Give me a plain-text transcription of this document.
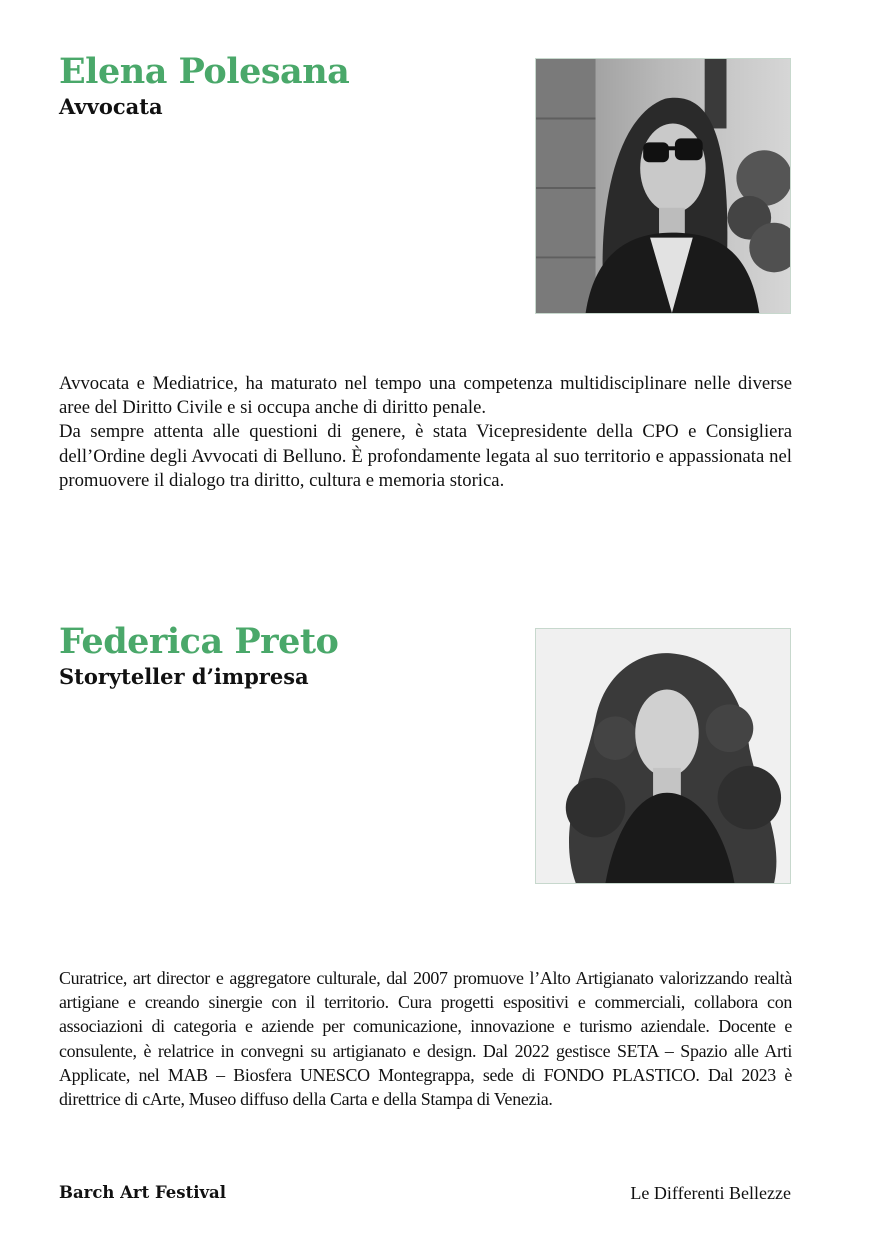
Elena Polesana
Avvocata

Avvocata e Mediatrice, ha maturato nel tempo una competenza multidisciplinare nelle diverse aree del Diritto Civile e si occupa anche di diritto penale.

Da sempre attenta alle questioni di genere, è stata Vicepresidente della CPO e Consigliera dell’Ordine degli Avvocati di Belluno. È profondamente legata al suo territorio e appassionata nel promuovere il dialogo tra diritto, cultura e memoria storica.

Federica Preto
Storyteller d’impresa

Curatrice, art director e aggregatore culturale, dal 2007 promuove l’Alto Artigianato valorizzando realtà artigiane e creando sinergie con il territorio. Cura progetti espositivi e commerciali, collabora con associazioni di categoria e aziende per comunicazione, innovazione e turismo aziendale. Docente e consulente, è relatrice in convegni su artigianato e design. Dal 2022 gestisce SETA – Spazio alle Arti Applicate, nel MAB – Biosfera UNESCO Montegrappa, sede di FONDO PLASTICO. Dal 2023 è direttrice di cArte, Museo diffuso della Carta e della Stampa di Venezia.

Barch Art Festival	Le Differenti Bellezze
